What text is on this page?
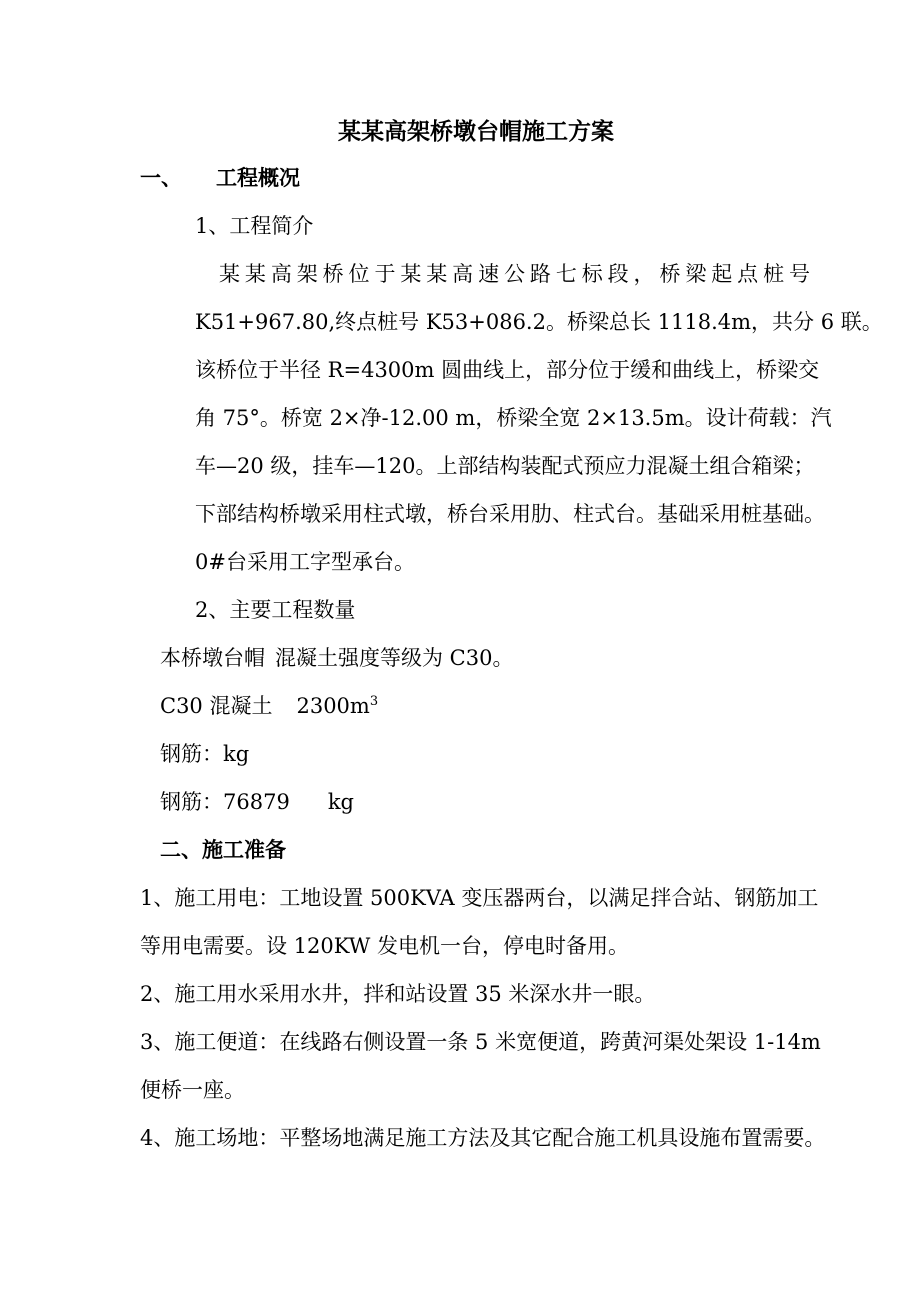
某某高架桥墩台帽施工方案
一、 工程概况
1、工程简介
某某高架桥位于某某高速公路七标段，桥梁起点桩号
K51+967.80,终点桩号 K53+086.2。桥梁总长 1118.4m，共分 6 联。
该桥位于半径 R=4300m 圆曲线上，部分位于缓和曲线上，桥梁交
角 75°。桥宽 2×净-12.00 m，桥梁全宽 2×13.5m。设计荷载：汽
车—20 级，挂车—120。上部结构装配式预应力混凝土组合箱梁；
下部结构桥墩采用柱式墩，桥台采用肋、柱式台。基础采用桩基础。
0#台采用工字型承台。
2、主要工程数量
本桥墩台帽 混凝土强度等级为 C30。
C30 混凝土 $2300m^3$
钢筋：kg
钢筋：76879 kg
二、施工准备
1、施工用电：工地设置 500KVA 变压器两台，以满足拌合站、钢筋加工
等用电需要。设 120KW 发电机一台，停电时备用。
2、施工用水采用水井，拌和站设置 35 米深水井一眼。
3、施工便道：在线路右侧设置一条 5 米宽便道，跨黄河渠处架设 1-14m
便桥一座。
4、施工场地：平整场地满足施工方法及其它配合施工机具设施布置需要。
